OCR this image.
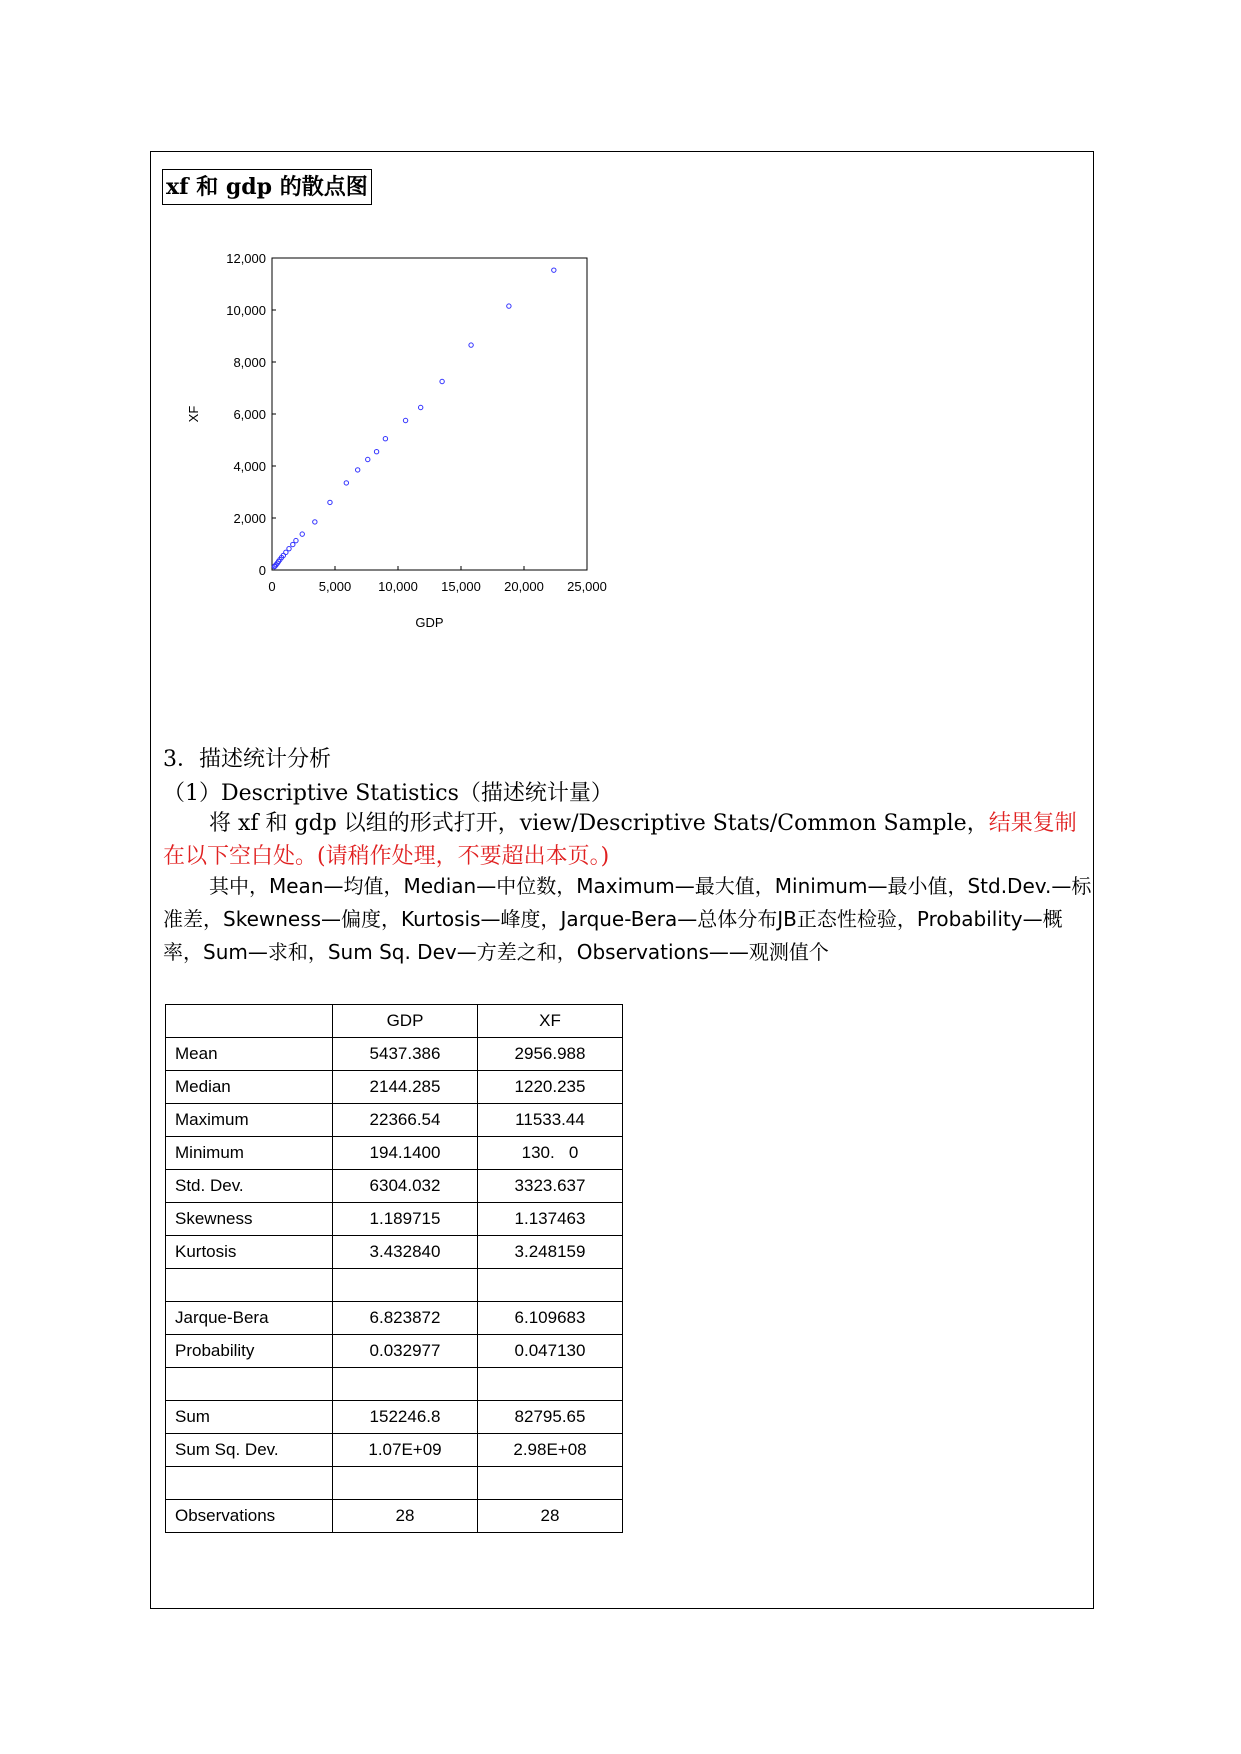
xf 和 gdp 的散点图
0	5,000 10,000 15,000 20,000 25,000
0
2,000
4,000
6,000
8,000
10,000
12,000
GDP
XF
3．描述统计分析
（1）Descriptive Statistics（描述统计量）
将 xf 和 gdp 以组的形式打开，view/Descriptive Stats/Common Sample，结果复制在以下空白处。(请稍作处理，不要超出本页。)
其中，Mean—均值，Median—中位数，Maximum—最大值，Minimum—最小值，Std.Dev.—标准差，Skewness—偏度，Kurtosis—峰度，Jarque-Bera—总体分布JB正态性检验，Probability—概率，Sum—求和，Sum Sq. Dev—方差之和，Observations——观测值个
	GDP	XF
Mean	5437.386	2956.988
Median	2144.285	1220.235
Maximum	22366.54	11533.44
Minimum	194.1400	130.   0
Std. Dev.	6304.032	3323.637
Skewness	1.189715	1.137463
Kurtosis	3.432840	3.248159

Jarque-Bera	6.823872	6.109683
Probability	0.032977	0.047130

Sum	152246.8	82795.65
Sum Sq. Dev.	1.07E+09	2.98E+08

Observations	28	28
